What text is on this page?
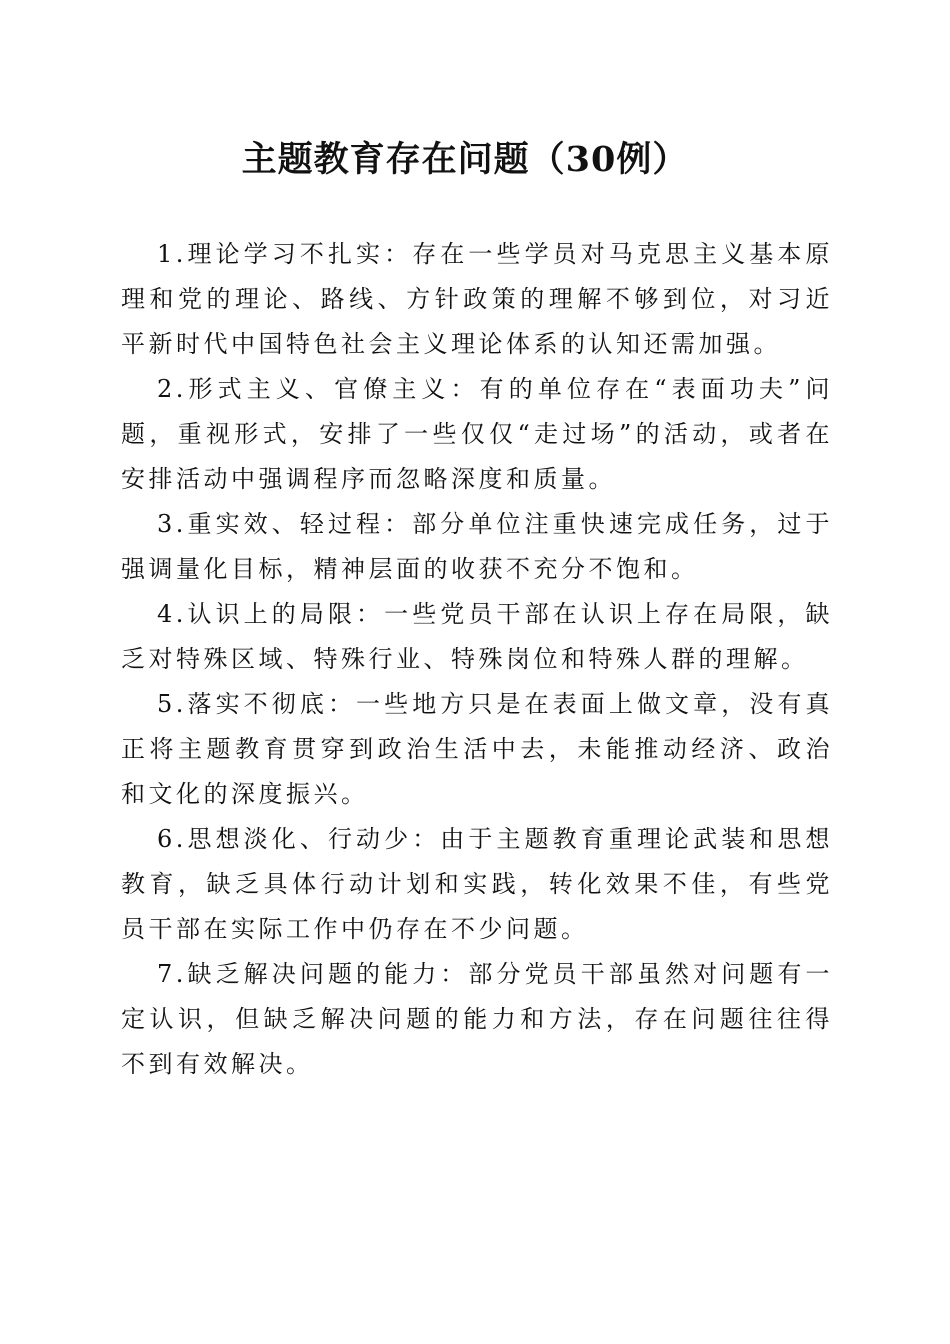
主题教育存在问题（30例）

1.理论学习不扎实：存在一些学员对马克思主义基本原理和党的理论、路线、方针政策的理解不够到位，对习近平新时代中国特色社会主义理论体系的认知还需加强。

2.形式主义、官僚主义：有的单位存在“表面功夫”问题，重视形式，安排了一些仅仅“走过场”的活动，或者在安排活动中强调程序而忽略深度和质量。

3.重实效、轻过程：部分单位注重快速完成任务，过于强调量化目标，精神层面的收获不充分不饱和。

4.认识上的局限：一些党员干部在认识上存在局限，缺乏对特殊区域、特殊行业、特殊岗位和特殊人群的理解。

5.落实不彻底：一些地方只是在表面上做文章，没有真正将主题教育贯穿到政治生活中去，未能推动经济、政治和文化的深度振兴。

6.思想淡化、行动少：由于主题教育重理论武装和思想教育，缺乏具体行动计划和实践，转化效果不佳，有些党员干部在实际工作中仍存在不少问题。

7.缺乏解决问题的能力：部分党员干部虽然对问题有一定认识，但缺乏解决问题的能力和方法，存在问题往往得不到有效解决。
